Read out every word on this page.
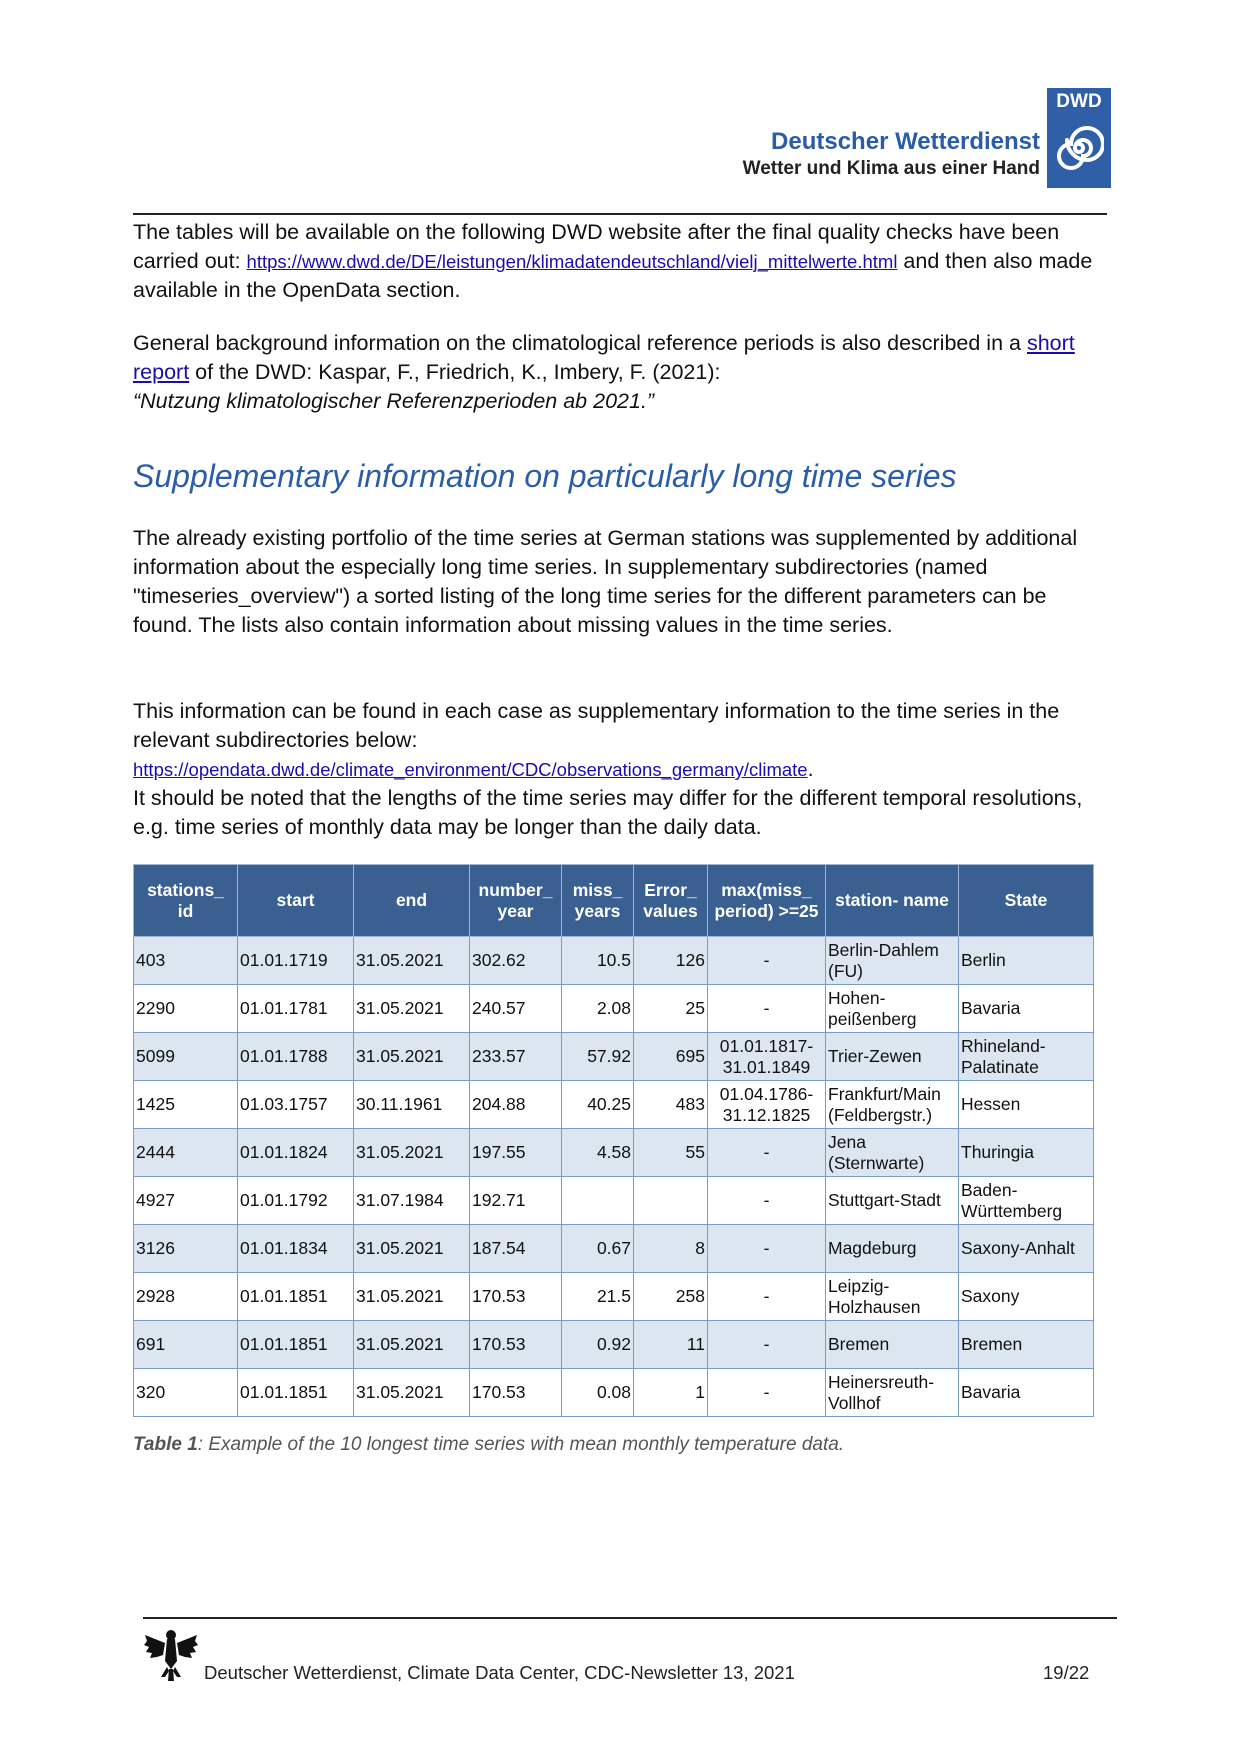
Deutscher Wetterdienst
Wetter und Klima aus einer Hand
DWD
The tables will be available on the following DWD website after the final quality checks have been carried out: https://www.dwd.de/DE/leistungen/klimadatendeutschland/vielj_mittelwerte.html and then also made available in the OpenData section.
General background information on the climatological reference periods is also described in a short report of the DWD: Kaspar, F., Friedrich, K., Imbery, F. (2021):
“Nutzung klimatologischer Referenzperioden ab 2021.”
Supplementary information on particularly long time series
The already existing portfolio of the time series at German stations was supplemented by additional information about the especially long time series. In supplementary subdirectories (named "timeseries_overview") a sorted listing of the long time series for the different parameters can be found. The lists also contain information about missing values in the time series.
This information can be found in each case as supplementary information to the time series in the relevant subdirectories below:
https://opendata.dwd.de/climate_environment/CDC/observations_germany/climate.
It should be noted that the lengths of the time series may differ for the different temporal resolutions, e.g. time series of monthly data may be longer than the daily data.
stations_ id	start	end	number_ year	miss_ years	Error_ values	max(miss_ period) >=25	station- name	State
403	01.01.1719	31.05.2021	302.62	10.5	126	-	Berlin-Dahlem (FU)	Berlin
2290	01.01.1781	31.05.2021	240.57	2.08	25	-	Hohen-peißenberg	Bavaria
5099	01.01.1788	31.05.2021	233.57	57.92	695	01.01.1817-31.01.1849	Trier-Zewen	Rhineland-Palatinate
1425	01.03.1757	30.11.1961	204.88	40.25	483	01.04.1786-31.12.1825	Frankfurt/Main (Feldbergstr.)	Hessen
2444	01.01.1824	31.05.2021	197.55	4.58	55	-	Jena (Sternwarte)	Thuringia
4927	01.01.1792	31.07.1984	192.71			-	Stuttgart-Stadt	Baden-Württemberg
3126	01.01.1834	31.05.2021	187.54	0.67	8	-	Magdeburg	Saxony-Anhalt
2928	01.01.1851	31.05.2021	170.53	21.5	258	-	Leipzig-Holzhausen	Saxony
691	01.01.1851	31.05.2021	170.53	0.92	11	-	Bremen	Bremen
320	01.01.1851	31.05.2021	170.53	0.08	1	-	Heinersreuth-Vollhof	Bavaria
Table 1: Example of the 10 longest time series with mean monthly temperature data.
Deutscher Wetterdienst, Climate Data Center, CDC-Newsletter 13, 2021	19/22
